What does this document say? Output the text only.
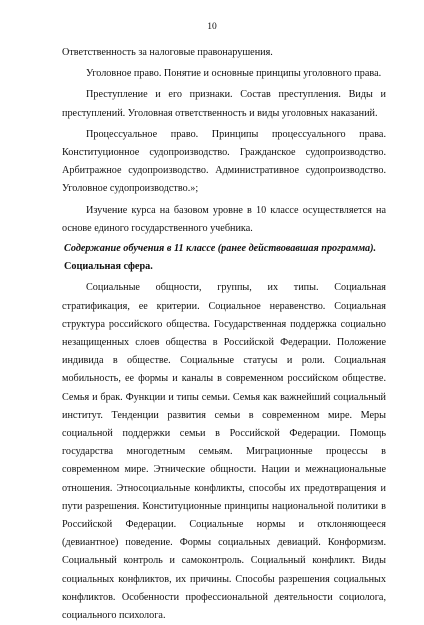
10

Ответственность за налоговые правонарушения.

Уголовное право. Понятие и основные принципы уголовного права.

Преступление и его признаки. Состав преступления. Виды и преступлений. Уголовная ответственность и виды уголовных наказаний.

Процессуальное право. Принципы процессуального права. Конституционное судопроизводство. Гражданское судопроизводство. Арбитражное судопроизводство. Административное судопроизводство. Уголовное судопроизводство.»;

Изучение курса на базовом уровне в 10 классе осуществляется на основе единого государственного учебника.

Содержание обучения в 11 классе (ранее действовавшая программа).

Социальная сфера.

Социальные общности, группы, их типы. Социальная стратификация, ее критерии. Социальное неравенство. Социальная структура российского общества. Государственная поддержка социально незащищенных слоев общества в Российской Федерации. Положение индивида в обществе. Социальные статусы и роли. Социальная мобильность, ее формы и каналы в современном российском обществе. Семья и брак. Функции и типы семьи. Семья как важнейший социальный институт. Тенденции развития семьи в современном мире. Меры социальной поддержки семьи в Российской Федерации. Помощь государства многодетным семьям. Миграционные процессы в современном мире. Этнические общности. Нации и межнациональные отношения. Этносоциальные конфликты, способы их предотвращения и пути разрешения. Конституционные принципы национальной политики в Российской Федерации. Социальные нормы и отклоняющееся (девиантное) поведение. Формы социальных девиаций. Конформизм. Социальный контроль и самоконтроль. Социальный конфликт. Виды социальных конфликтов, их причины. Способы разрешения социальных конфликтов. Особенности профессиональной деятельности социолога, социального психолога.
